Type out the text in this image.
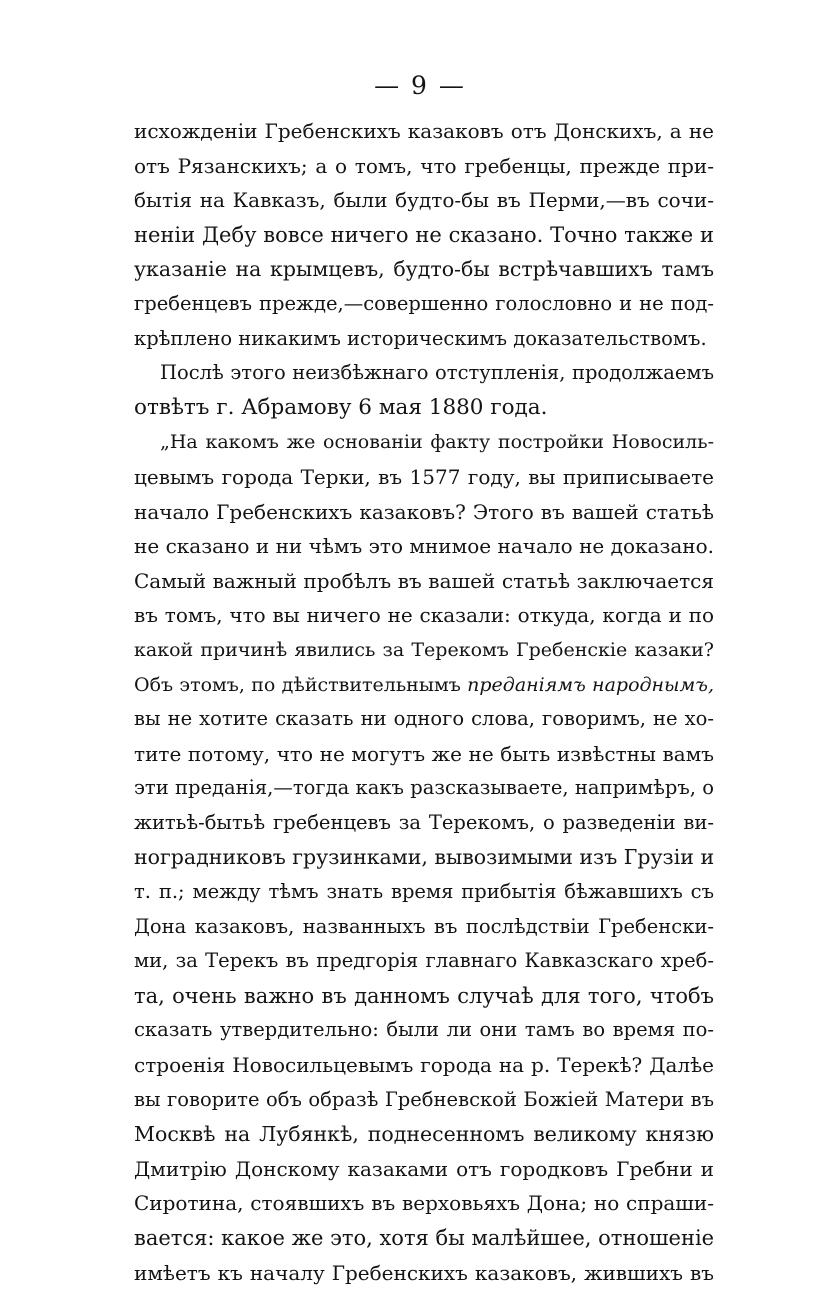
— 9 —
исхожденіи Гребенскихъ казаковъ отъ Донскихъ, а не
отъ Рязанскихъ; а о томъ, что гребенцы, прежде при-
бытія на Кавказъ, были будто-бы въ Перми,—въ сочи-
неніи Дебу вовсе ничего не сказано. Точно также и
указаніе на крымцевъ, будто-бы встрѣчавшихъ тамъ
гребенцевъ прежде,—совершенно голословно и не под-
крѣплено никакимъ историческимъ доказательствомъ.
Послѣ этого неизбѣжнаго отступленія, продолжаемъ
отвѣтъ г. Абрамову 6 мая 1880 года.
„На какомъ же основаніи факту постройки Новосиль-
цевымъ города Терки, въ 1577 году, вы приписываете
начало Гребенскихъ казаковъ? Этого въ вашей статьѣ
не сказано и ни чѣмъ это мнимое начало не доказано.
Самый важный пробѣлъ въ вашей статьѣ заключается
въ томъ, что вы ничего не сказали: откуда, когда и по
какой причинѣ явились за Терекомъ Гребенскіе казаки?
Объ этомъ, по дѣйствительнымъ преданіямъ народнымъ,
вы не хотите сказать ни одного слова, говоримъ, не хо-
тите потому, что не могутъ же не быть извѣстны вамъ
эти преданія,—тогда какъ разсказываете, напримѣръ, о
житьѣ-бытьѣ гребенцевъ за Терекомъ, о разведеніи ви-
ноградниковъ грузинками, вывозимыми изъ Грузіи и
т. п.; между тѣмъ знать время прибытія бѣжавшихъ съ
Дона казаковъ, названныхъ въ послѣдствіи Гребенски-
ми, за Терекъ въ предгорія главнаго Кавказскаго хреб-
та, очень важно въ данномъ случаѣ для того, чтобъ
сказать утвердительно: были ли они тамъ во время по-
строенія Новосильцевымъ города на р. Терекѣ? Далѣе
вы говорите объ образѣ Гребневской Божіей Матери въ
Москвѣ на Лубянкѣ, поднесенномъ великому князю
Дмитрію Донскому казаками отъ городковъ Гребни и
Сиротина, стоявшихъ въ верховьяхъ Дона; но спраши-
вается: какое же это, хотя бы малѣйшее, отношеніе
имѣетъ къ началу Гребенскихъ казаковъ, жившихъ въ
